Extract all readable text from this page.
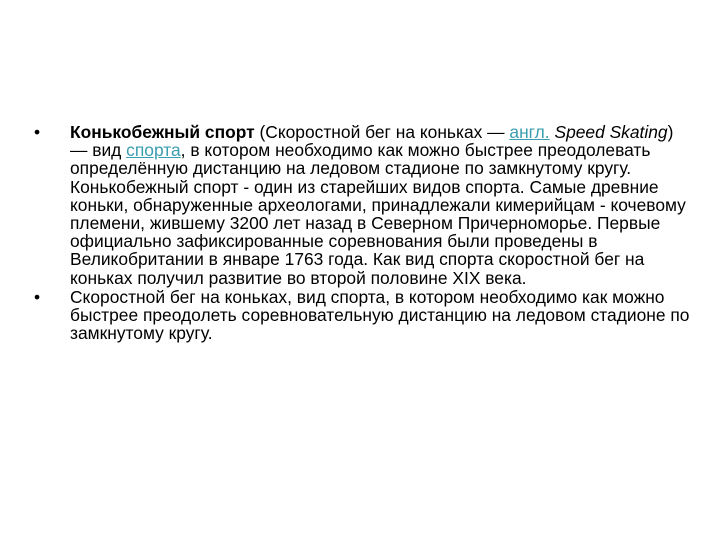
•	Конькобежный спорт (Скоростной бег на коньках — англ. Speed Skating) — вид спорта, в котором необходимо как можно быстрее преодолевать определённую дистанцию на ледовом стадионе по замкнутому кругу. Конькобежный спорт - один из старейших видов спорта. Самые древние коньки, обнаруженные археологами, принадлежали кимерийцам - кочевому племени, жившему 3200 лет назад в Северном Причерноморье. Первые официально зафиксированные соревнования были проведены в Великобритании в январе 1763 года. Как вид спорта скоростной бег на коньках получил развитие во второй половине XIX века.
•	Скоростной бег на коньках, вид спорта, в котором необходимо как можно быстрее преодолеть соревновательную дистанцию на ледовом стадионе по замкнутому кругу.
